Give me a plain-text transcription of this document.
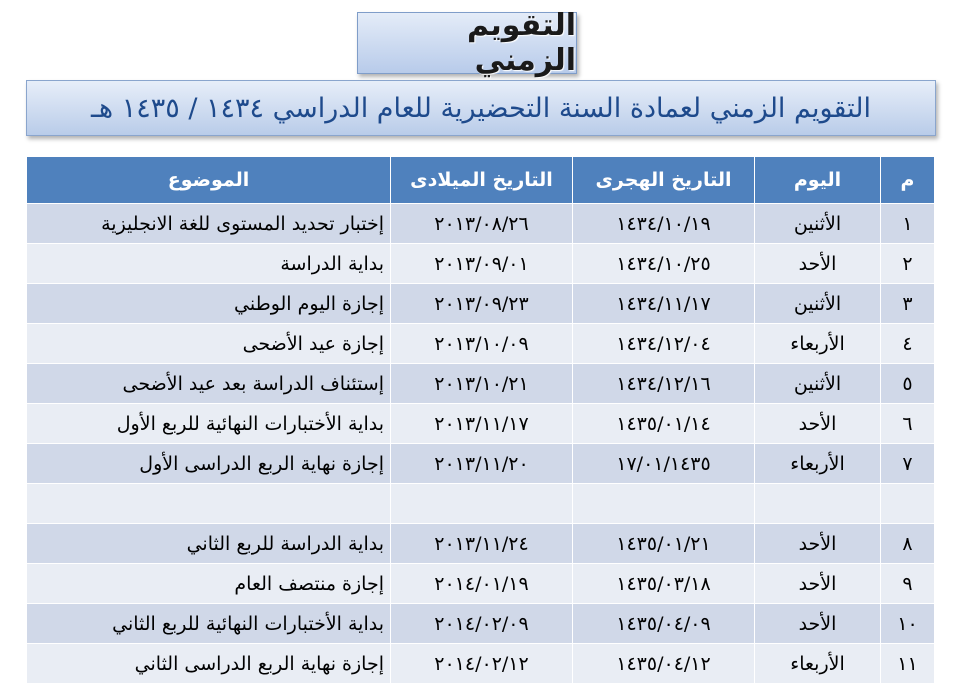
التقويم الزمني
التقويم الزمني لعمادة السنة التحضيرية للعام الدراسي ١٤٣٤ / ١٤٣٥ هـ
م	اليوم	التاريخ الهجرى	التاريخ الميلادى	الموضوع
١	الأثنين	١٤٣٤/١٠/١٩	٢٠١٣/٠٨/٢٦	إختبار تحديد المستوى للغة الانجليزية
٢	الأحد	١٤٣٤/١٠/٢٥	٢٠١٣/٠٩/٠١	بداية الدراسة
٣	الأثنين	١٤٣٤/١١/١٧	٢٠١٣/٠٩/٢٣	إجازة اليوم الوطني
٤	الأربعاء	١٤٣٤/١٢/٠٤	٢٠١٣/١٠/٠٩	إجازة عيد الأضحى
٥	الأثنين	١٤٣٤/١٢/١٦	٢٠١٣/١٠/٢١	إستئناف الدراسة بعد عيد الأضحى
٦	الأحد	١٤٣٥/٠١/١٤	٢٠١٣/١١/١٧	بداية الأختبارات النهائية للربع الأول
٧	الأربعاء	١٧/٠١/١٤٣٥	٢٠١٣/١١/٢٠	إجازة نهاية الربع الدراسى الأول

٨	الأحد	١٤٣٥/٠١/٢١	٢٠١٣/١١/٢٤	بداية الدراسة للربع الثاني
٩	الأحد	١٤٣٥/٠٣/١٨	٢٠١٤/٠١/١٩	إجازة منتصف العام
١٠	الأحد	١٤٣٥/٠٤/٠٩	٢٠١٤/٠٢/٠٩	بداية الأختبارات النهائية للربع الثاني
١١	الأربعاء	١٤٣٥/٠٤/١٢	٢٠١٤/٠٢/١٢	إجازة نهاية الربع الدراسى الثاني
